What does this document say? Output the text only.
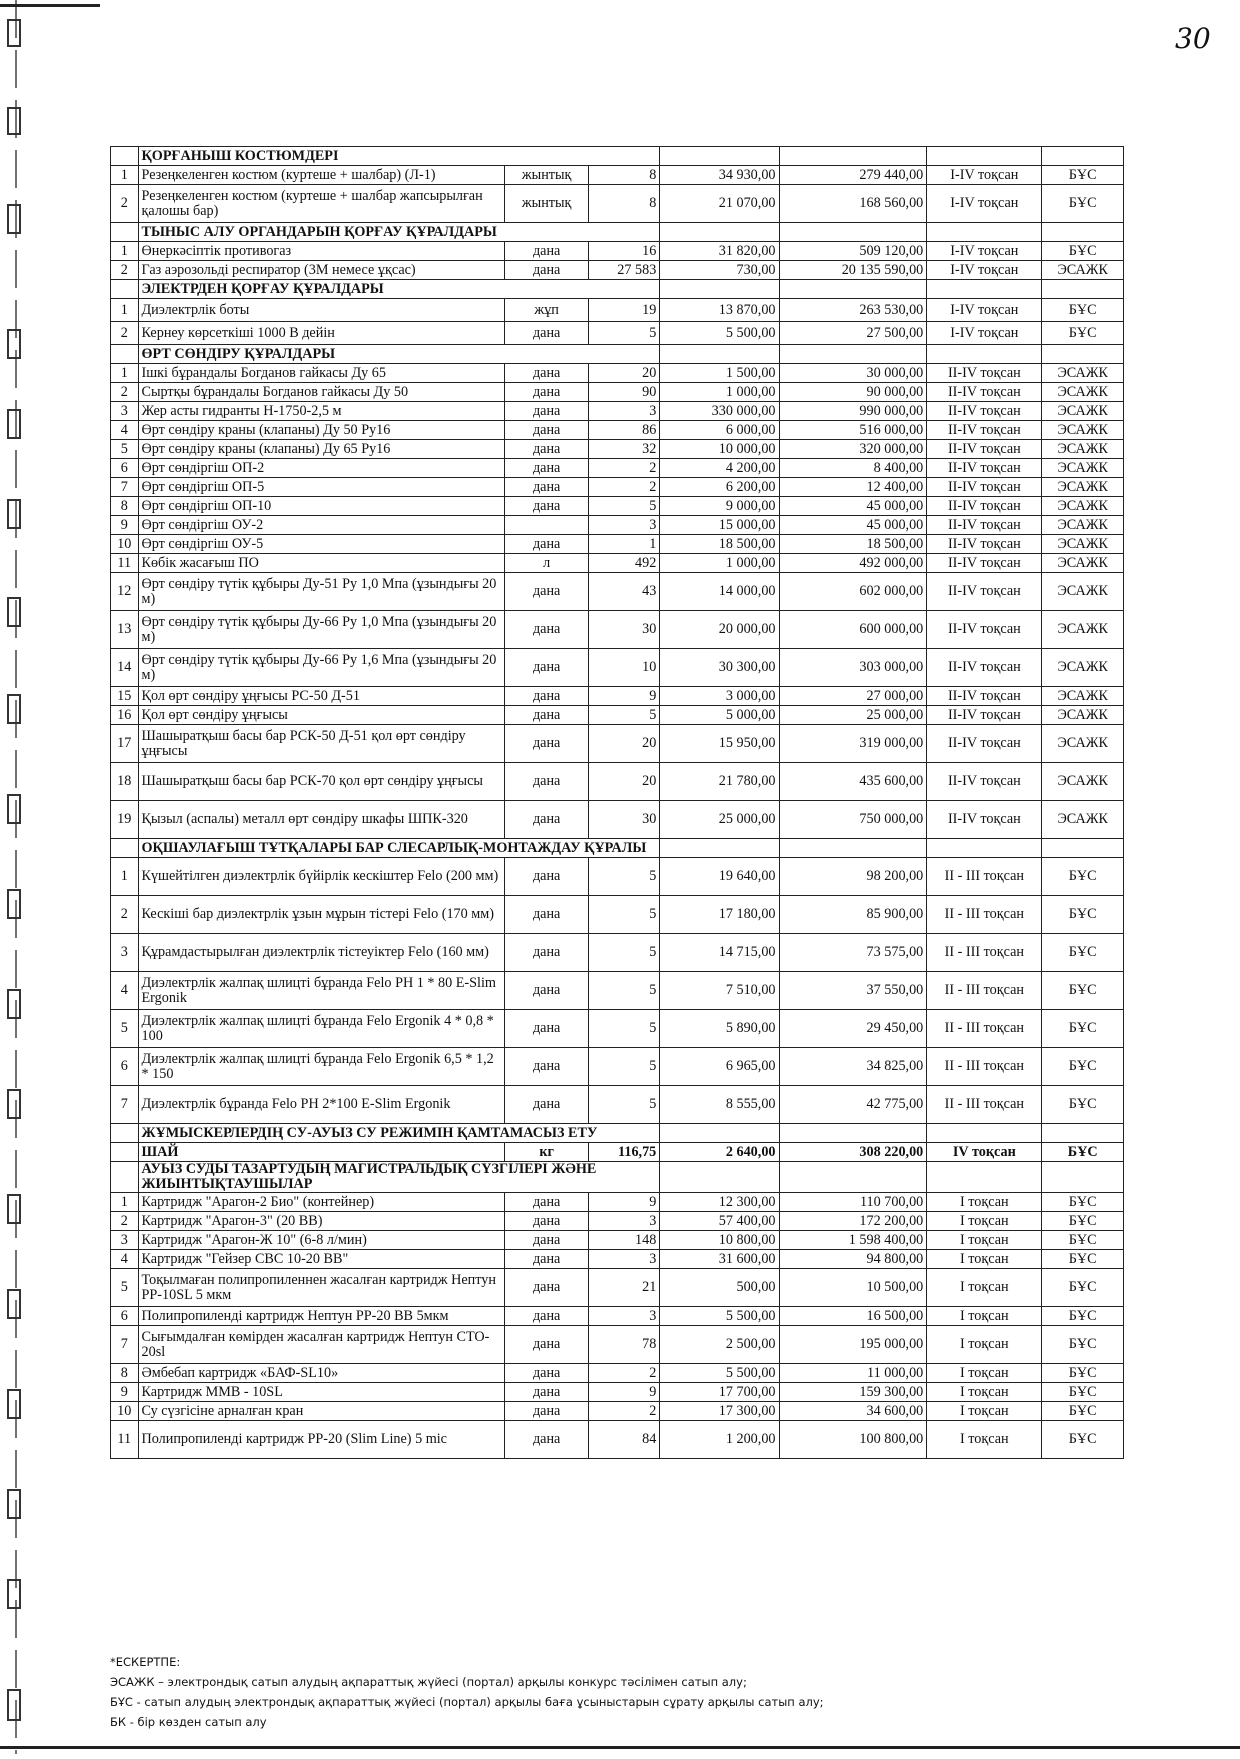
30
	ҚОРҒАНЫШ КОСТЮМДЕРІ						
1	Резеңкеленген костюм (куртеше + шалбар) (Л-1)	жынтық	8	34 930,00	279 440,00	I-IV тоқсан	БҰС
2	Резеңкеленген костюм (куртеше + шалбар жапсырылған қалошы бар)	жынтық	8	21 070,00	168 560,00	I-IV тоқсан	БҰС
	ТЫНЫС АЛУ ОРГАНДАРЫН ҚОРҒАУ ҚҰРАЛДАРЫ						
1	Өнеркәсіптік противогаз	дана	16	31 820,00	509 120,00	I-IV тоқсан	БҰС
2	Газ аэрозольді респиратор (3М немесе ұқсас)	дана	27 583	730,00	20 135 590,00	I-IV тоқсан	ЭСАЖК
	ЭЛЕКТРДЕН ҚОРҒАУ ҚҰРАЛДАРЫ						
1	Диэлектрлік боты	жұп	19	13 870,00	263 530,00	I-IV тоқсан	БҰС
2	Кернеу көрсеткіші 1000 В дейін	дана	5	5 500,00	27 500,00	I-IV тоқсан	БҰС
	ӨРТ СӨНДІРУ ҚҰРАЛДАРЫ						
1	Ішкі бұрандалы Богданов гайкасы Ду 65	дана	20	1 500,00	30 000,00	II-IV тоқсан	ЭСАЖК
2	Сыртқы бұрандалы Богданов гайкасы Ду 50	дана	90	1 000,00	90 000,00	II-IV тоқсан	ЭСАЖК
3	Жер асты гидранты Н-1750-2,5 м	дана	3	330 000,00	990 000,00	II-IV тоқсан	ЭСАЖК
4	Өрт сөндіру краны (клапаны) Ду 50 Ру16	дана	86	6 000,00	516 000,00	II-IV тоқсан	ЭСАЖК
5	Өрт сөндіру краны (клапаны) Ду 65 Ру16	дана	32	10 000,00	320 000,00	II-IV тоқсан	ЭСАЖК
6	Өрт сөндіргіш ОП-2	дана	2	4 200,00	8 400,00	II-IV тоқсан	ЭСАЖК
7	Өрт сөндіргіш ОП-5	дана	2	6 200,00	12 400,00	II-IV тоқсан	ЭСАЖК
8	Өрт сөндіргіш ОП-10	дана	5	9 000,00	45 000,00	II-IV тоқсан	ЭСАЖК
9	Өрт сөндіргіш ОУ-2		3	15 000,00	45 000,00	II-IV тоқсан	ЭСАЖК
10	Өрт сөндіргіш ОУ-5	дана	1	18 500,00	18 500,00	II-IV тоқсан	ЭСАЖК
11	Көбік жасағыш ПО	л	492	1 000,00	492 000,00	II-IV тоқсан	ЭСАЖК
12	Өрт сөндіру түтік құбыры Ду-51 Ру 1,0 Мпа (ұзындығы 20 м)	дана	43	14 000,00	602 000,00	II-IV тоқсан	ЭСАЖК
13	Өрт сөндіру түтік құбыры Ду-66 Ру 1,0 Мпа (ұзындығы 20 м)	дана	30	20 000,00	600 000,00	II-IV тоқсан	ЭСАЖК
14	Өрт сөндіру түтік құбыры Ду-66 Ру 1,6 Мпа (ұзындығы 20 м)	дана	10	30 300,00	303 000,00	II-IV тоқсан	ЭСАЖК
15	Қол өрт сөндіру ұңғысы РС-50 Д-51	дана	9	3 000,00	27 000,00	II-IV тоқсан	ЭСАЖК
16	Қол өрт сөндіру ұңғысы	дана	5	5 000,00	25 000,00	II-IV тоқсан	ЭСАЖК
17	Шашыратқыш басы бар РСК-50 Д-51 қол өрт сөндіру ұңғысы	дана	20	15 950,00	319 000,00	II-IV тоқсан	ЭСАЖК
18	Шашыратқыш басы бар РСК-70 қол өрт сөндіру ұңғысы	дана	20	21 780,00	435 600,00	II-IV тоқсан	ЭСАЖК
19	Қызыл (аспалы) металл өрт сөндіру шкафы ШПК-320	дана	30	25 000,00	750 000,00	II-IV тоқсан	ЭСАЖК
	ОҚШАУЛАҒЫШ ТҰТҚАЛАРЫ БАР СЛЕСАРЛЫҚ-МОНТАЖДАУ ҚҰРАЛЫ						
1	Күшейтілген диэлектрлік бүйірлік кескіштер Felo (200 мм)	дана	5	19 640,00	98 200,00	II - III тоқсан	БҰС
2	Кескіші бар диэлектрлік ұзын мұрын тістері Felo (170 мм)	дана	5	17 180,00	85 900,00	II - III тоқсан	БҰС
3	Құрамдастырылған диэлектрлік тістеуіктер Felo (160 мм)	дана	5	14 715,00	73 575,00	II - III тоқсан	БҰС
4	Диэлектрлік жалпақ шлицті бұранда Felo PH 1 * 80 E-Slim Ergonik	дана	5	7 510,00	37 550,00	II - III тоқсан	БҰС
5	Диэлектрлік жалпақ шлицті бұранда Felo Ergonik 4 * 0,8 * 100	дана	5	5 890,00	29 450,00	II - III тоқсан	БҰС
6	Диэлектрлік жалпақ шлицті бұранда Felo Ergonik 6,5 * 1,2 * 150	дана	5	6 965,00	34 825,00	II - III тоқсан	БҰС
7	Диэлектрлік бұранда Felo PH 2*100 E-Slim Ergonik	дана	5	8 555,00	42 775,00	II - III тоқсан	БҰС
	ЖҰМЫСКЕРЛЕРДІҢ СУ-АУЫЗ СУ РЕЖИМІН ҚАМТАМАСЫЗ ЕТУ						
	ШАЙ	кг	116,75	2 640,00	308 220,00	IV тоқсан	БҰС
	АУЫЗ СУДЫ ТАЗАРТУДЫҢ МАГИСТРАЛЬДЫҚ СҮЗГІЛЕРІ ЖӘНЕ ЖИЫНТЫҚТАУШЫЛАР						
1	Картридж "Арагон-2 Био" (контейнер)	дана	9	12 300,00	110 700,00	I тоқсан	БҰС
2	Картридж "Арагон-3" (20 ВВ)	дана	3	57 400,00	172 200,00	I тоқсан	БҰС
3	Картридж "Арагон-Ж 10" (6-8 л/мин)	дана	148	10 800,00	1 598 400,00	I тоқсан	БҰС
4	Картридж "Гейзер СВС 10-20 ВВ"	дана	3	31 600,00	94 800,00	I тоқсан	БҰС
5	Тоқылмаған полипропиленнен жасалған картридж Нептун PP-10SL 5 мкм	дана	21	500,00	10 500,00	I тоқсан	БҰС
6	Полипропиленді картридж Нептун PP-20 BB 5мкм	дана	3	5 500,00	16 500,00	I тоқсан	БҰС
7	Сығымдалған көмірден жасалған картридж Нептун CTO-20sl	дана	78	2 500,00	195 000,00	I тоқсан	БҰС
8	Әмбебап картридж «БАФ-SL10»	дана	2	5 500,00	11 000,00	I тоқсан	БҰС
9	Картридж ММВ - 10SL	дана	9	17 700,00	159 300,00	I тоқсан	БҰС
10	Су сүзгісіне арналған кран	дана	2	17 300,00	34 600,00	I тоқсан	БҰС
11	Полипропиленді картридж PP-20 (Slim Line) 5 mic	дана	84	1 200,00	100 800,00	I тоқсан	БҰС
*ЕСКЕРТПЕ:
ЭСАЖК – электрондық сатып алудың ақпараттық жүйесі (портал) арқылы конкурс тәсілімен сатып алу;
БҰС - сатып алудың электрондық ақпараттық жүйесі (портал) арқылы баға ұсыныстарын сұрату арқылы сатып алу;
БК - бір көзден сатып алу
